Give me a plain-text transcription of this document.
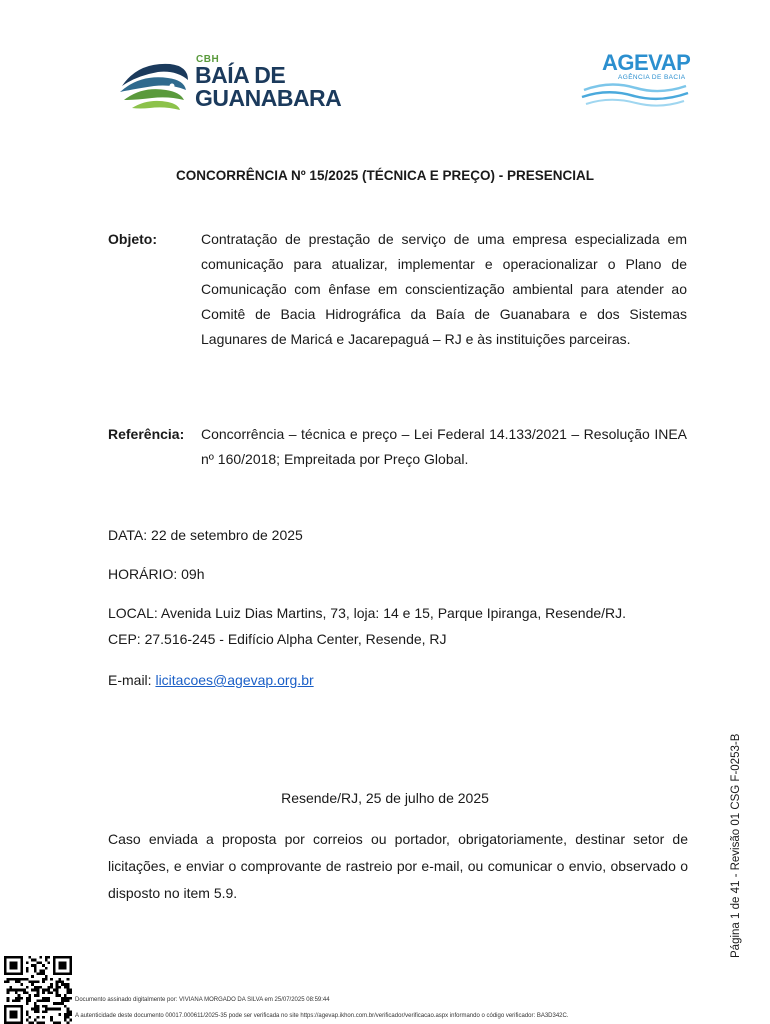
CBH
BAÍA DE
GUANABARA
AGEVAP
AGÊNCIA DE BACIA
CONCORRÊNCIA Nº 15/2025 (TÉCNICA E PREÇO) - PRESENCIAL
Objeto:	Contratação de prestação de serviço de uma empresa especializada em comunicação para atualizar, implementar e operacionalizar o Plano de Comunicação com ênfase em conscientização ambiental para atender ao Comitê de Bacia Hidrográfica da Baía de Guanabara e dos Sistemas Lagunares de Maricá e Jacarepaguá – RJ e às instituições parceiras.
Referência: Concorrência – técnica e preço – Lei Federal 14.133/2021 – Resolução INEA nº 160/2018; Empreitada por Preço Global.
DATA: 22 de setembro de 2025
HORÁRIO: 09h
LOCAL: Avenida Luiz Dias Martins, 73, loja: 14 e 15, Parque Ipiranga, Resende/RJ.
CEP: 27.516-245 - Edifício Alpha Center, Resende, RJ
E-mail: licitacoes@agevap.org.br
Resende/RJ, 25 de julho de 2025
Caso enviada a proposta por correios ou portador, obrigatoriamente, destinar setor de licitações, e enviar o comprovante de rastreio por e-mail, ou comunicar o envio, observado o disposto no item 5.9.	Página 1 de 41 - Revisão 01 CSG F-0253-B
Documento assinado digitalmente por: VIVIANA MORGADO DA SILVA em 25/07/2025 08:59:44
A autenticidade deste documento 00017.000611/2025-35 pode ser verificada no site https://agevap.ikhon.com.br/verificador/verificacao.aspx informando o código verificador: BA3D342C.
